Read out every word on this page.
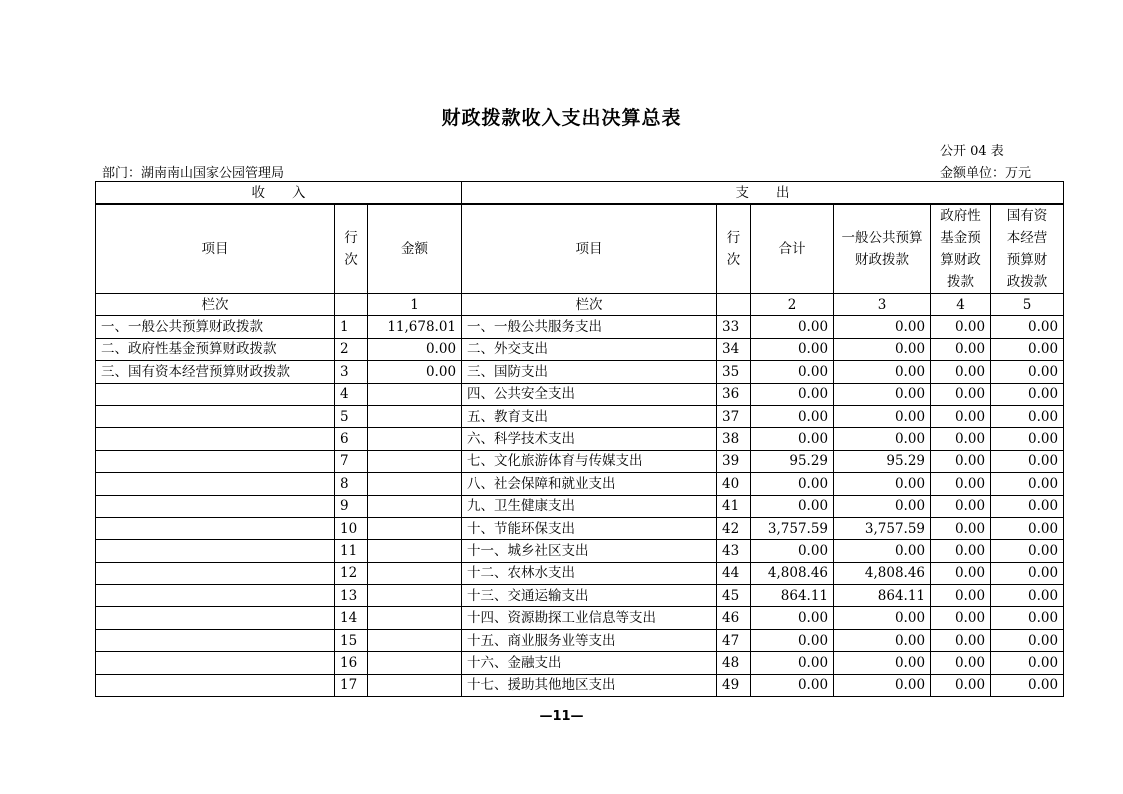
财政拨款收入支出决算总表
公开 04 表
部门：湖南南山国家公园管理局	金额单位：万元
收　　入			支　　出					
项目	行次	金额	项目	行次	合计	一般公共预算财政拨款	政府性基金预算财政拨款	国有资本经营预算财政拨款
栏次		1	栏次		2	3	4	5
一、一般公共预算财政拨款	1	11,678.01	一、一般公共服务支出	33	0.00	0.00	0.00	0.00
二、政府性基金预算财政拨款	2	0.00	二、外交支出	34	0.00	0.00	0.00	0.00
三、国有资本经营预算财政拨款	3	0.00	三、国防支出	35	0.00	0.00	0.00	0.00
	4		四、公共安全支出	36	0.00	0.00	0.00	0.00
	5		五、教育支出	37	0.00	0.00	0.00	0.00
	6		六、科学技术支出	38	0.00	0.00	0.00	0.00
	7		七、文化旅游体育与传媒支出	39	95.29	95.29	0.00	0.00
	8		八、社会保障和就业支出	40	0.00	0.00	0.00	0.00
	9		九、卫生健康支出	41	0.00	0.00	0.00	0.00
	10		十、节能环保支出	42	3,757.59	3,757.59	0.00	0.00
	11		十一、城乡社区支出	43	0.00	0.00	0.00	0.00
	12		十二、农林水支出	44	4,808.46	4,808.46	0.00	0.00
	13		十三、交通运输支出	45	864.11	864.11	0.00	0.00
	14		十四、资源勘探工业信息等支出	46	0.00	0.00	0.00	0.00
	15		十五、商业服务业等支出	47	0.00	0.00	0.00	0.00
	16		十六、金融支出	48	0.00	0.00	0.00	0.00
	17		十七、援助其他地区支出	49	0.00	0.00	0.00	0.00
—11—
